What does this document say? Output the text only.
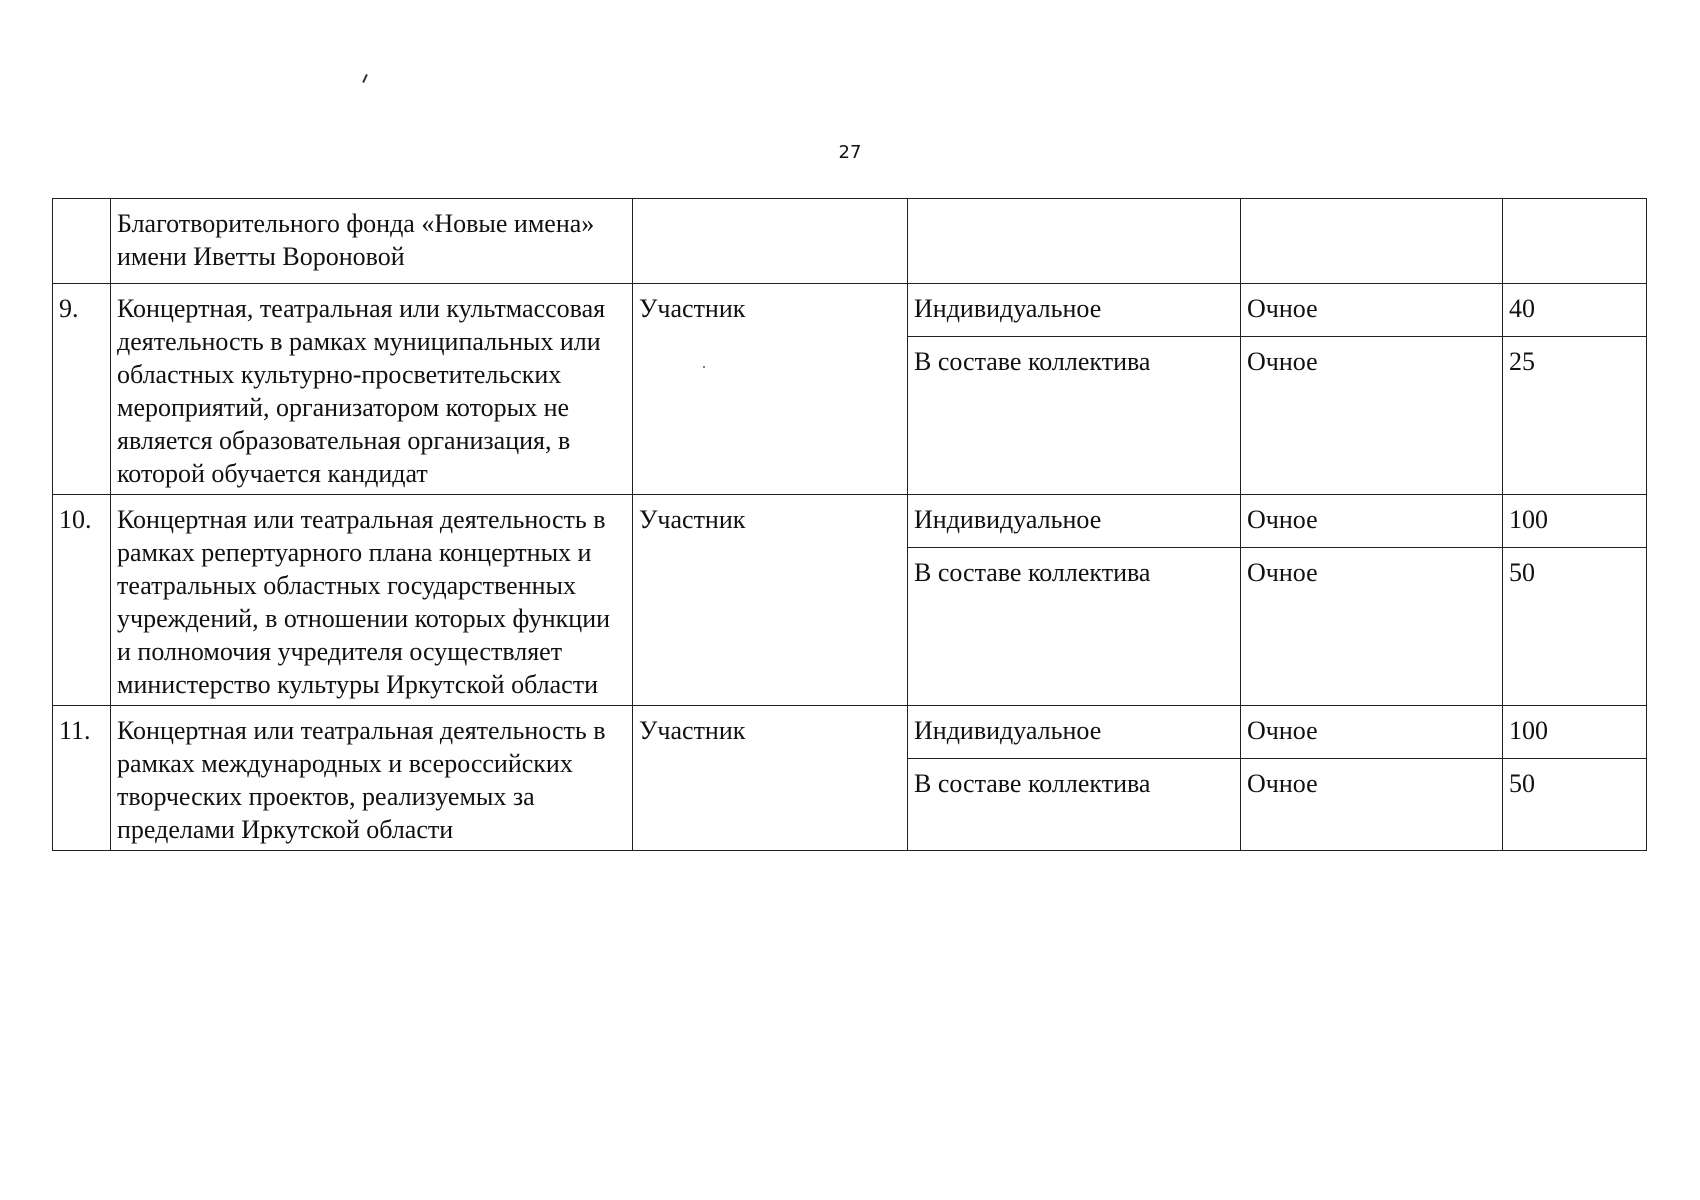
27
	Благотворительного фонда «Новые имена» имени Иветты Вороновой				
9.	Концертная, театральная или культмассовая деятельность в рамках муниципальных или областных культурно-просветительских мероприятий, организатором которых не является образовательная организация, в которой обучается кандидат	Участник	Индивидуальное	Очное	40
			В составе коллектива	Очное	25
10.	Концертная или театральная деятельность в рамках репертуарного плана концертных и театральных областных государственных учреждений, в отношении которых функции и полномочия учредителя осуществляет министерство культуры Иркутской области	Участник	Индивидуальное	Очное	100
			В составе коллектива	Очное	50
11.	Концертная или театральная деятельность в рамках международных и всероссийских творческих проектов, реализуемых за пределами Иркутской области	Участник	Индивидуальное	Очное	100
			В составе коллектива	Очное	50
